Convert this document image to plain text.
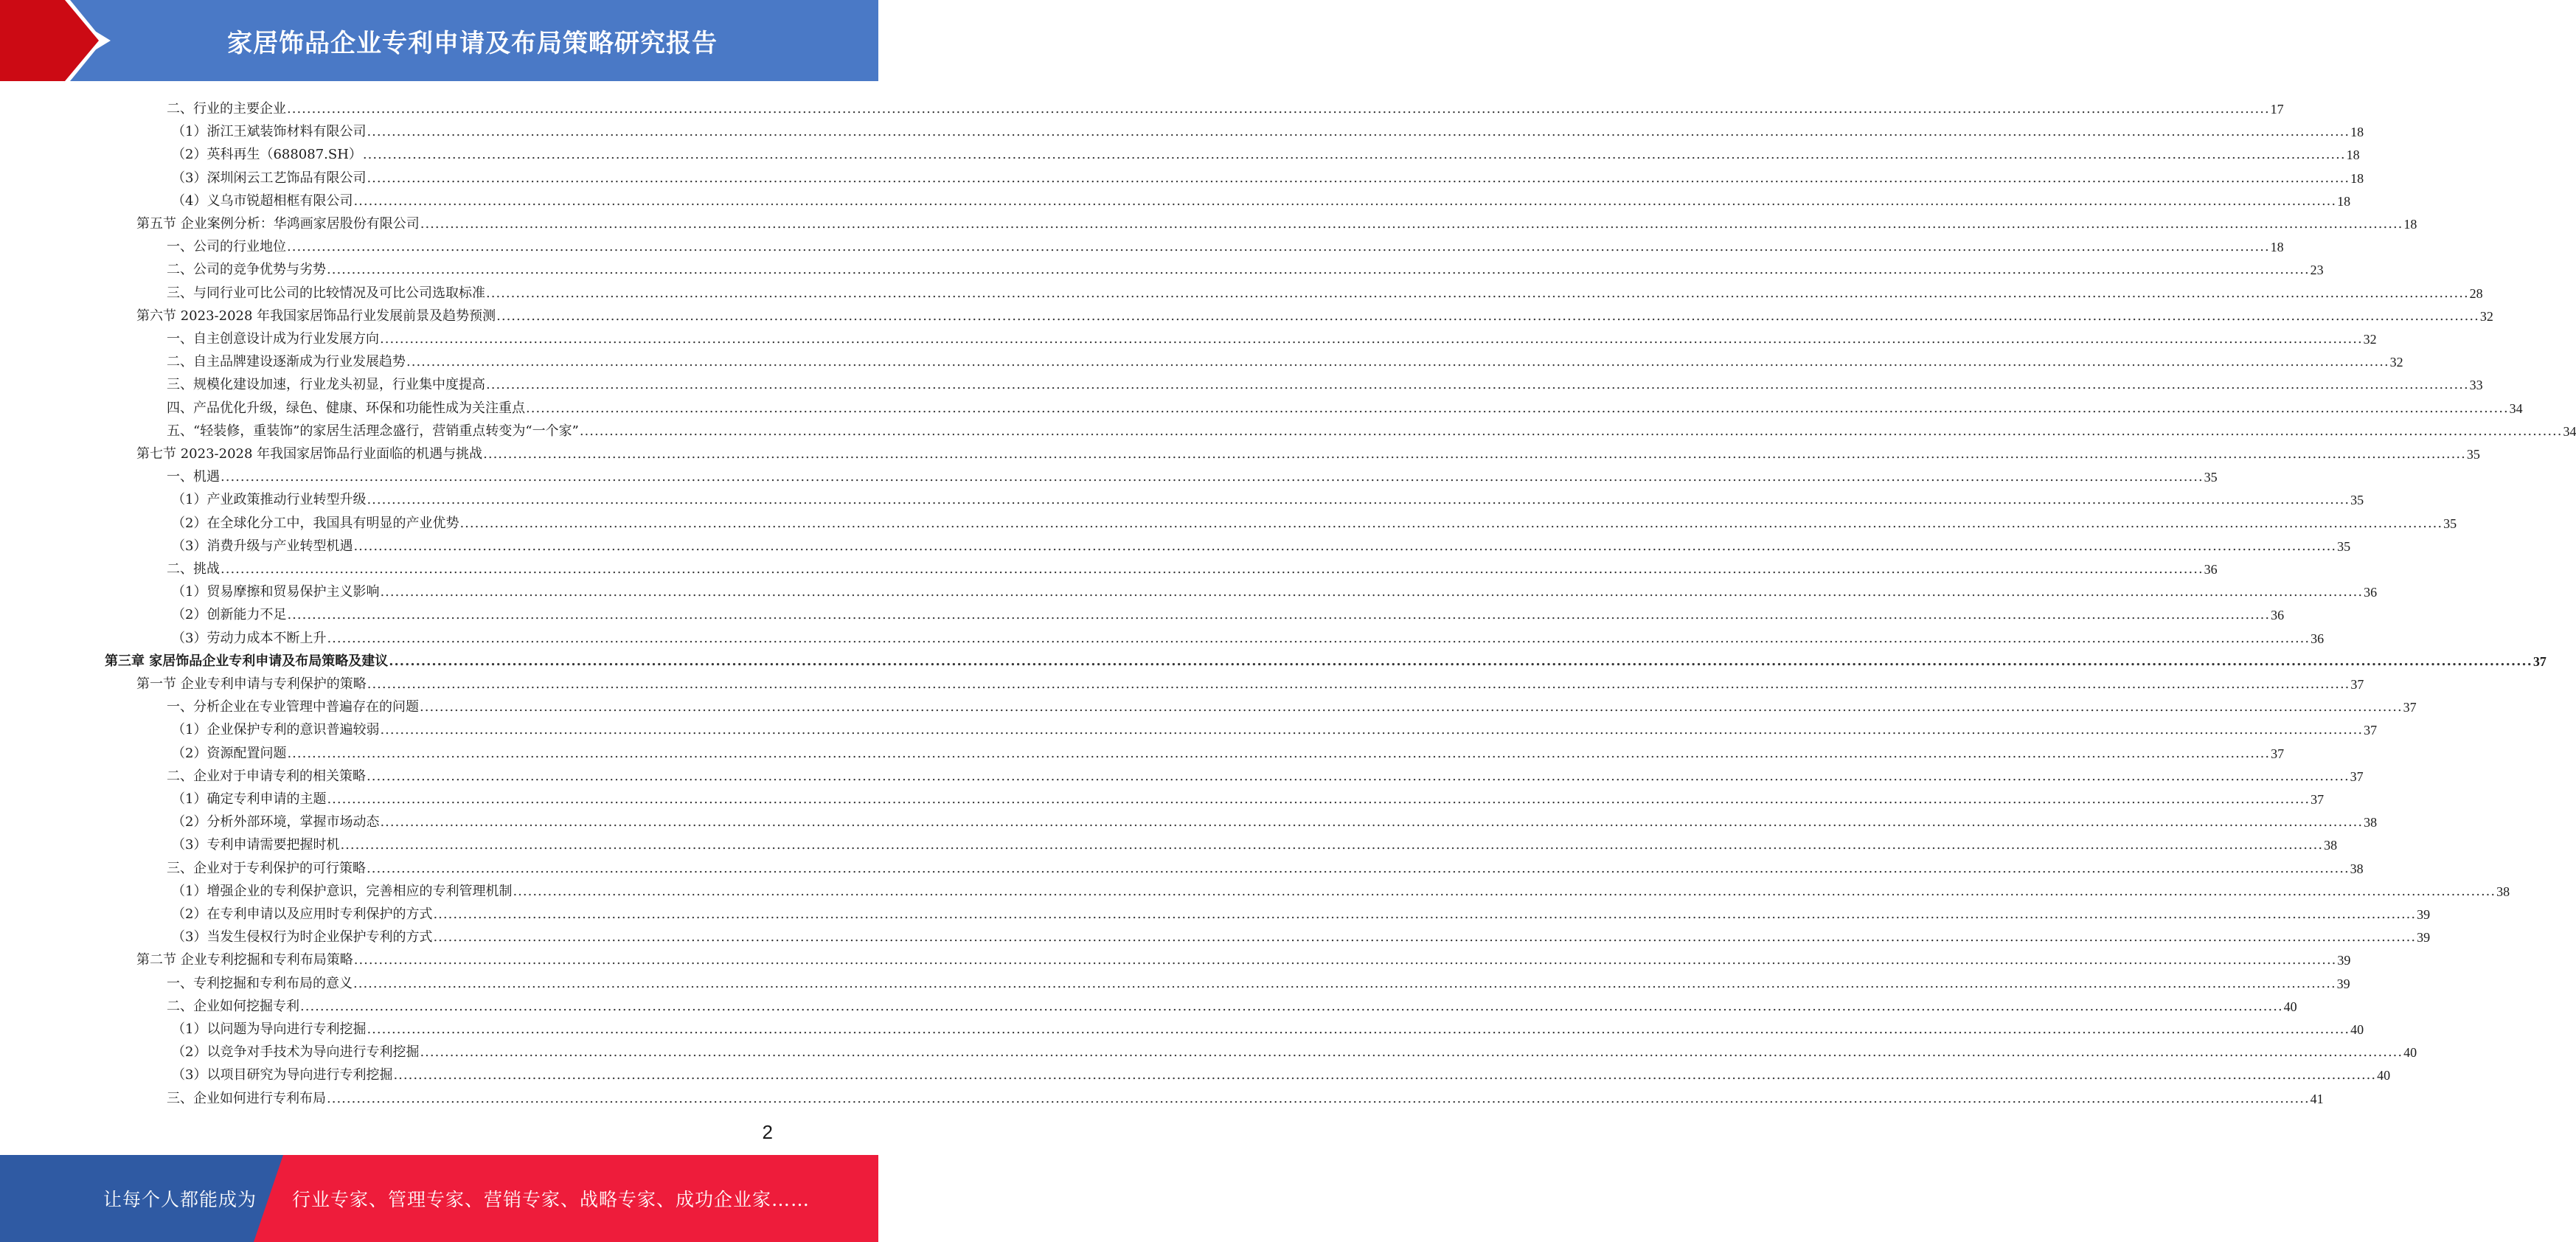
家居饰品企业专利申请及布局策略研究报告
二、行业的主要企业 ................................................................................................................................................................................................................................................................................................................................................................................................................ 17
（1）浙江王斌装饰材料有限公司 ................................................................................................................................................................................................................................................................................................................................................................................................................ 18
（2）英科再生（688087.SH） ................................................................................................................................................................................................................................................................................................................................................................................................................ 18
（3）深圳闲云工艺饰品有限公司 ................................................................................................................................................................................................................................................................................................................................................................................................................ 18
（4）义乌市锐超相框有限公司 ................................................................................................................................................................................................................................................................................................................................................................................................................ 18
第五节 企业案例分析：华鸿画家居股份有限公司 ................................................................................................................................................................................................................................................................................................................................................................................................................ 18
一、公司的行业地位 ................................................................................................................................................................................................................................................................................................................................................................................................................ 18
二、公司的竞争优势与劣势 ................................................................................................................................................................................................................................................................................................................................................................................................................ 23
三、与同行业可比公司的比较情况及可比公司选取标准 ................................................................................................................................................................................................................................................................................................................................................................................................................ 28
第六节 2023-2028 年我国家居饰品行业发展前景及趋势预测 ................................................................................................................................................................................................................................................................................................................................................................................................................ 32
一、自主创意设计成为行业发展方向 ................................................................................................................................................................................................................................................................................................................................................................................................................ 32
二、自主品牌建设逐渐成为行业发展趋势 ................................................................................................................................................................................................................................................................................................................................................................................................................ 32
三、规模化建设加速，行业龙头初显，行业集中度提高 ................................................................................................................................................................................................................................................................................................................................................................................................................ 33
四、产品优化升级，绿色、健康、环保和功能性成为关注重点 ................................................................................................................................................................................................................................................................................................................................................................................................................ 34
五、“轻装修，重装饰”的家居生活理念盛行，营销重点转变为“一个家” ................................................................................................................................................................................................................................................................................................................................................................................................................ 34
第七节 2023-2028 年我国家居饰品行业面临的机遇与挑战 ................................................................................................................................................................................................................................................................................................................................................................................................................ 35
一、机遇 ................................................................................................................................................................................................................................................................................................................................................................................................................ 35
（1）产业政策推动行业转型升级 ................................................................................................................................................................................................................................................................................................................................................................................................................ 35
（2）在全球化分工中，我国具有明显的产业优势 ................................................................................................................................................................................................................................................................................................................................................................................................................ 35
（3）消费升级与产业转型机遇 ................................................................................................................................................................................................................................................................................................................................................................................................................ 35
二、挑战 ................................................................................................................................................................................................................................................................................................................................................................................................................ 36
（1）贸易摩擦和贸易保护主义影响 ................................................................................................................................................................................................................................................................................................................................................................................................................ 36
（2）创新能力不足 ................................................................................................................................................................................................................................................................................................................................................................................................................ 36
（3）劳动力成本不断上升 ................................................................................................................................................................................................................................................................................................................................................................................................................ 36
第三章 家居饰品企业专利申请及布局策略及建议 ................................................................................................................................................................................................................................................................................................................................................................................................................ 37
第一节 企业专利申请与专利保护的策略 ................................................................................................................................................................................................................................................................................................................................................................................................................ 37
一、分析企业在专业管理中普遍存在的问题 ................................................................................................................................................................................................................................................................................................................................................................................................................ 37
（1）企业保护专利的意识普遍较弱 ................................................................................................................................................................................................................................................................................................................................................................................................................ 37
（2）资源配置问题 ................................................................................................................................................................................................................................................................................................................................................................................................................ 37
二、企业对于申请专利的相关策略 ................................................................................................................................................................................................................................................................................................................................................................................................................ 37
（1）确定专利申请的主题 ................................................................................................................................................................................................................................................................................................................................................................................................................ 37
（2）分析外部环境，掌握市场动态 ................................................................................................................................................................................................................................................................................................................................................................................................................ 38
（3）专利申请需要把握时机 ................................................................................................................................................................................................................................................................................................................................................................................................................ 38
三、企业对于专利保护的可行策略 ................................................................................................................................................................................................................................................................................................................................................................................................................ 38
（1）增强企业的专利保护意识，完善相应的专利管理机制 ................................................................................................................................................................................................................................................................................................................................................................................................................ 38
（2）在专利申请以及应用时专利保护的方式 ................................................................................................................................................................................................................................................................................................................................................................................................................ 39
（3）当发生侵权行为时企业保护专利的方式 ................................................................................................................................................................................................................................................................................................................................................................................................................ 39
第二节 企业专利挖掘和专利布局策略 ................................................................................................................................................................................................................................................................................................................................................................................................................ 39
一、专利挖掘和专利布局的意义 ................................................................................................................................................................................................................................................................................................................................................................................................................ 39
二、企业如何挖掘专利 ................................................................................................................................................................................................................................................................................................................................................................................................................ 40
（1）以问题为导向进行专利挖掘 ................................................................................................................................................................................................................................................................................................................................................................................................................ 40
（2）以竞争对手技术为导向进行专利挖掘 ................................................................................................................................................................................................................................................................................................................................................................................................................ 40
（3）以项目研究为导向进行专利挖掘 ................................................................................................................................................................................................................................................................................................................................................................................................................ 40
三、企业如何进行专利布局 ................................................................................................................................................................................................................................................................................................................................................................................................................ 41
2
让每个人都能成为 行业专家、管理专家、营销专家、战略专家、成功企业家……
